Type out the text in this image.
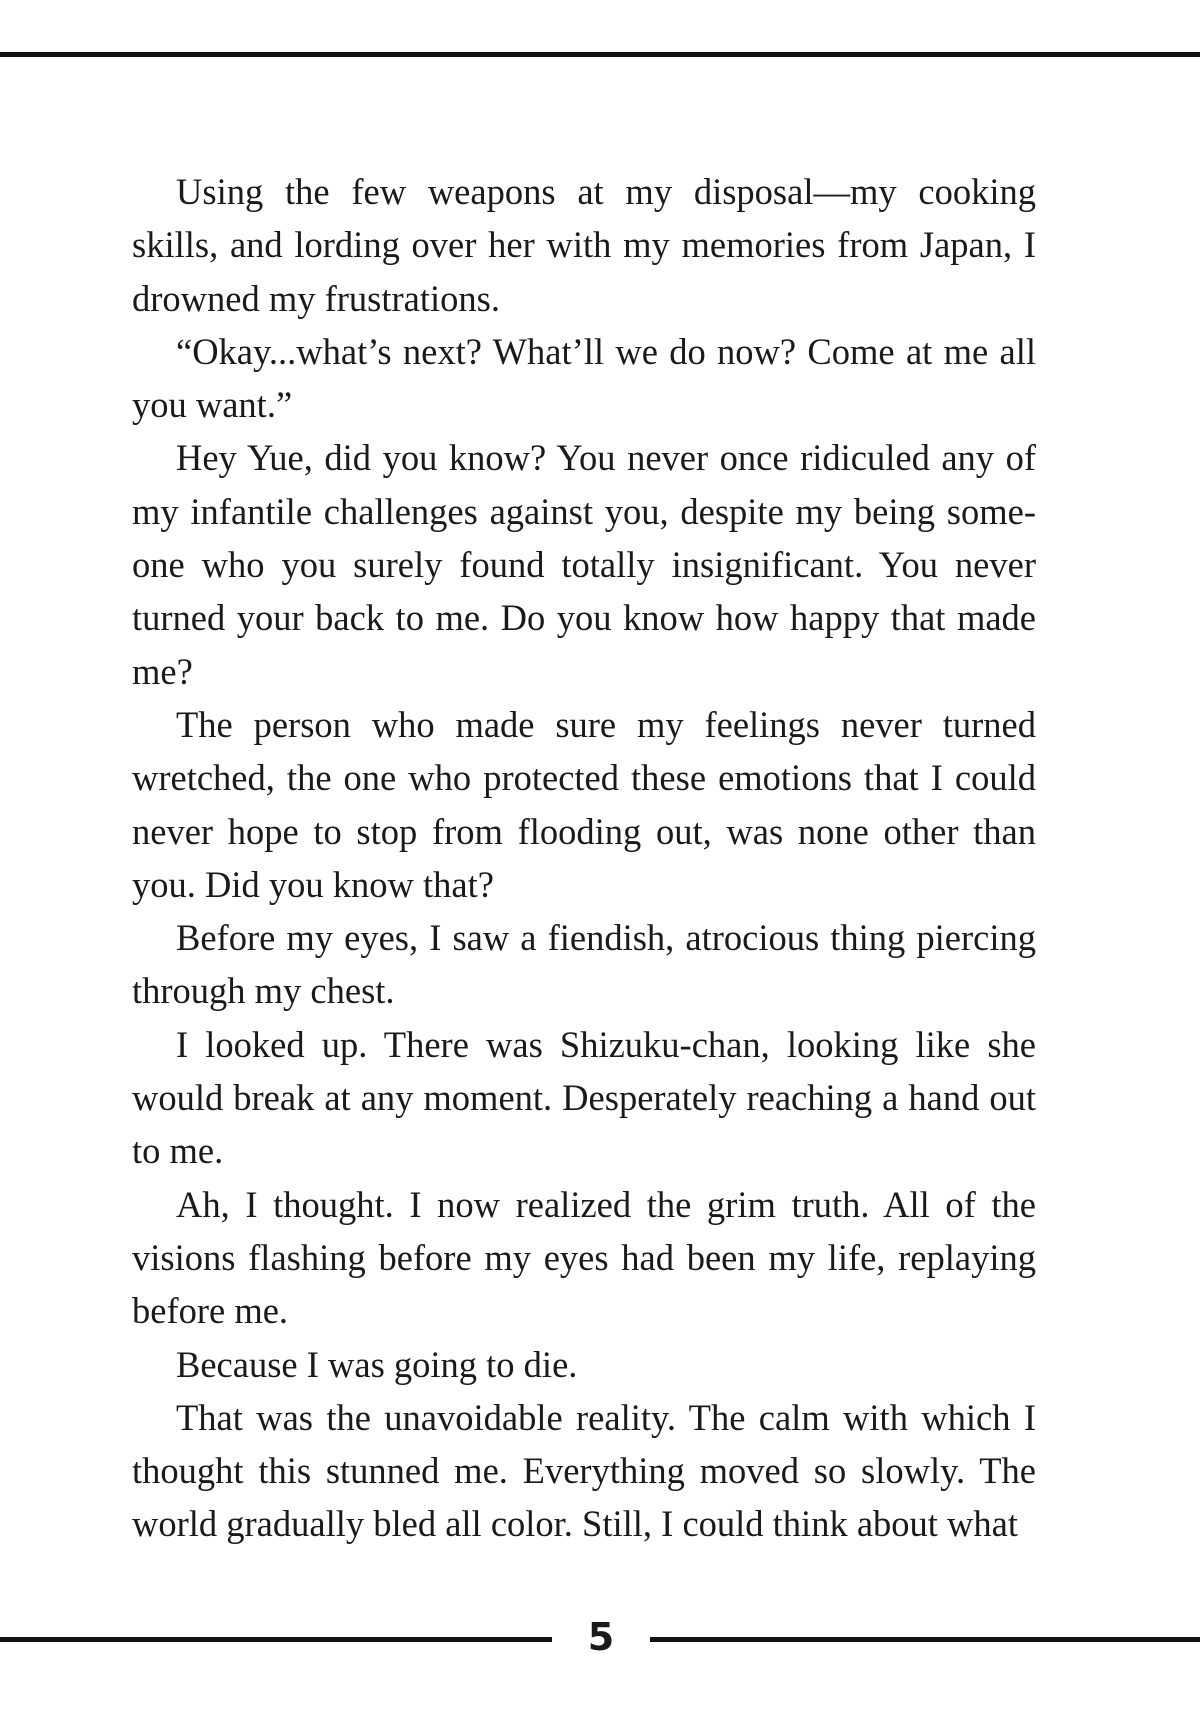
Using the few weapons at my disposal—my cooking skills, and lording over her with my memories from Japan, I drowned my frustrations.

“Okay...what’s next? What’ll we do now? Come at me all you want.”

Hey Yue, did you know? You never once ridiculed any of my infantile challenges against you, despite my being some-one who you surely found totally insignificant. You never turned your back to me. Do you know how happy that made me?

The person who made sure my feelings never turned wretched, the one who protected these emotions that I could never hope to stop from flooding out, was none other than you. Did you know that?

Before my eyes, I saw a fiendish, atrocious thing piercing through my chest.

I looked up. There was Shizuku-chan, looking like she would break at any moment. Desperately reaching a hand out to me.

Ah, I thought. I now realized the grim truth. All of the visions flashing before my eyes had been my life, replaying before me.

Because I was going to die.

That was the unavoidable reality. The calm with which I thought this stunned me. Everything moved so slowly. The world gradually bled all color. Still, I could think about what

5
